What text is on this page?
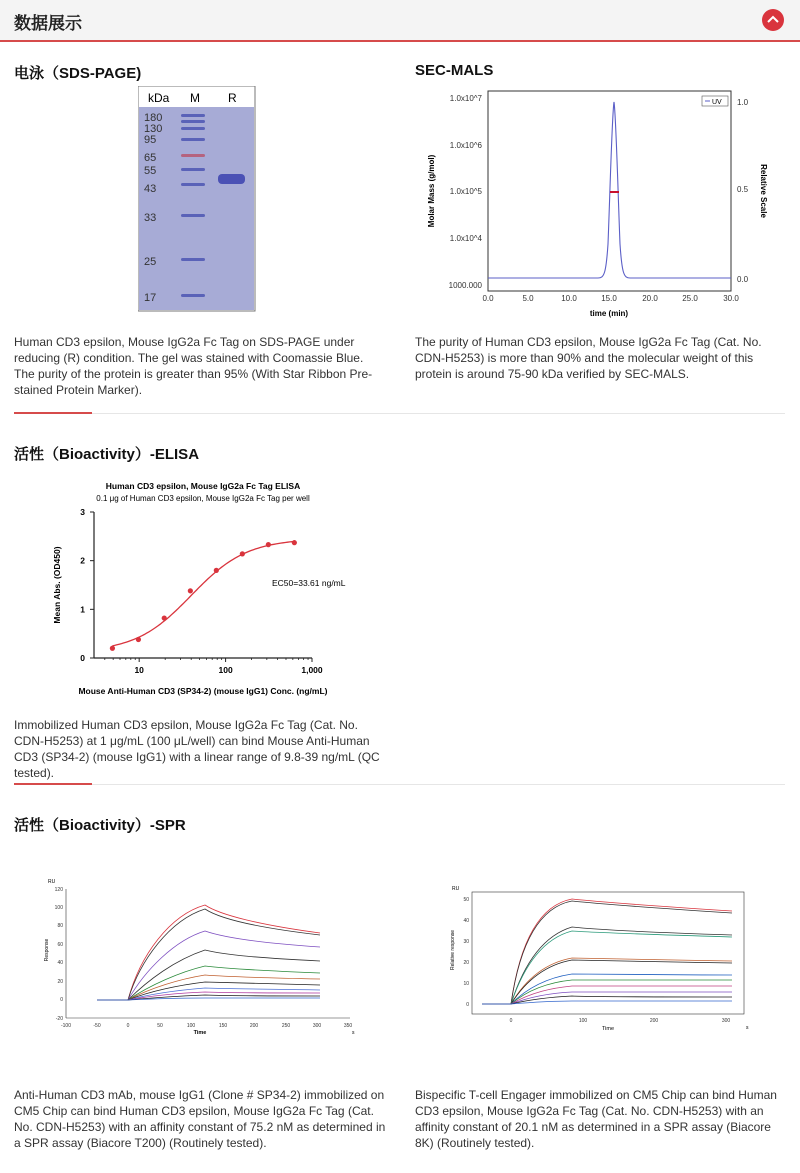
数据展示
电泳（SDS-PAGE)
kDa M R
180
130
95
65
55
43
33
25
17
Human CD3 epsilon, Mouse IgG2a Fc Tag on SDS-PAGE under reducing (R) condition. The gel was stained with Coomassie Blue. The purity of the protein is greater than 95% (With Star Ribbon Pre-stained Protein Marker).
SEC-MALS
1.0x10^7
1.0x10^6
1.0x10^5
1.0x10^4
1000.000
1.0
0.5
0.0
0.0	5.0	10.0	15.0	20.0	25.0	30.0
time (min)
Molar Mass (g/mol)	Relative Scale
UV
The purity of Human CD3 epsilon, Mouse IgG2a Fc Tag (Cat. No. CDN-H5253) is more than 90% and the molecular weight of this protein is around 75-90 kDa verified by SEC-MALS.
活性（Bioactivity）-ELISA
Human CD3 epsilon, Mouse IgG2a Fc Tag ELISA
0.1 μg of Human CD3 epsilon, Mouse IgG2a Fc Tag per well
Mean Abs. (OD450)
Mouse Anti-Human CD3 (SP34-2) (mouse IgG1) Conc. (ng/mL)
0
1
2
3
10	100	1,000
EC50=33.61 ng/mL
Immobilized Human CD3 epsilon, Mouse IgG2a Fc Tag (Cat. No. CDN-H5253) at 1 μg/mL (100 μL/well) can bind Mouse Anti-Human CD3 (SP34-2) (mouse IgG1) with a linear range of 9.8-39 ng/mL (QC tested).
活性（Bioactivity）-SPR
RU
Response
120
100
80
60
40
20
0
-20
-100	-50	0	50	100	150	200	250	300	350
Time	s
Anti-Human CD3 mAb, mouse IgG1 (Clone # SP34-2) immobilized on CM5 Chip can bind Human CD3 epsilon, Mouse IgG2a Fc Tag (Cat. No. CDN-H5253) with an affinity constant of 75.2 nM as determined in a SPR assay (Biacore T200) (Routinely tested).
RU
Relative response
50
40
30
20
10
0
0	100	200	300
Time	s
Bispecific T-cell Engager immobilized on CM5 Chip can bind Human CD3 epsilon, Mouse IgG2a Fc Tag (Cat. No. CDN-H5253) with an affinity constant of 20.1 nM as determined in a SPR assay (Biacore 8K) (Routinely tested).
